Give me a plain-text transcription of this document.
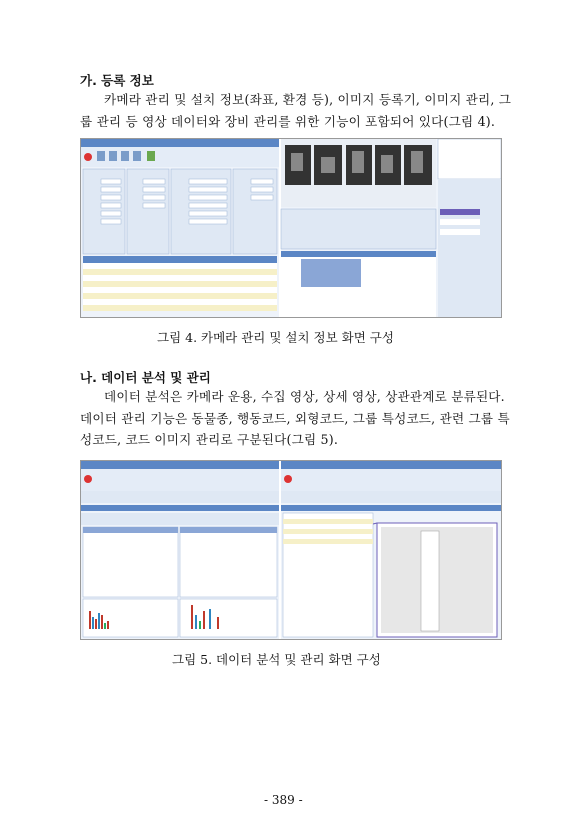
가. 등록 정보
카메라 관리 및 설치 정보(좌표, 환경 등), 이미지 등록기, 이미지 관리, 그
룹 관리 등 영상 데이터와 장비 관리를 위한 기능이 포함되어 있다(그림 4).
그림 4. 카메라 관리 및 설치 정보 화면 구성
나. 데이터 분석 및 관리
데이터 분석은 카메라 운용, 수집 영상, 상세 영상, 상관관계로 분류된다.
데이터 관리 기능은 동물종, 행동코드, 외형코드, 그룹 특성코드, 관련 그룹 특
성코드, 코드 이미지 관리로 구분된다(그림 5).
그림 5. 데이터 분석 및 관리 화면 구성
- 389 -
